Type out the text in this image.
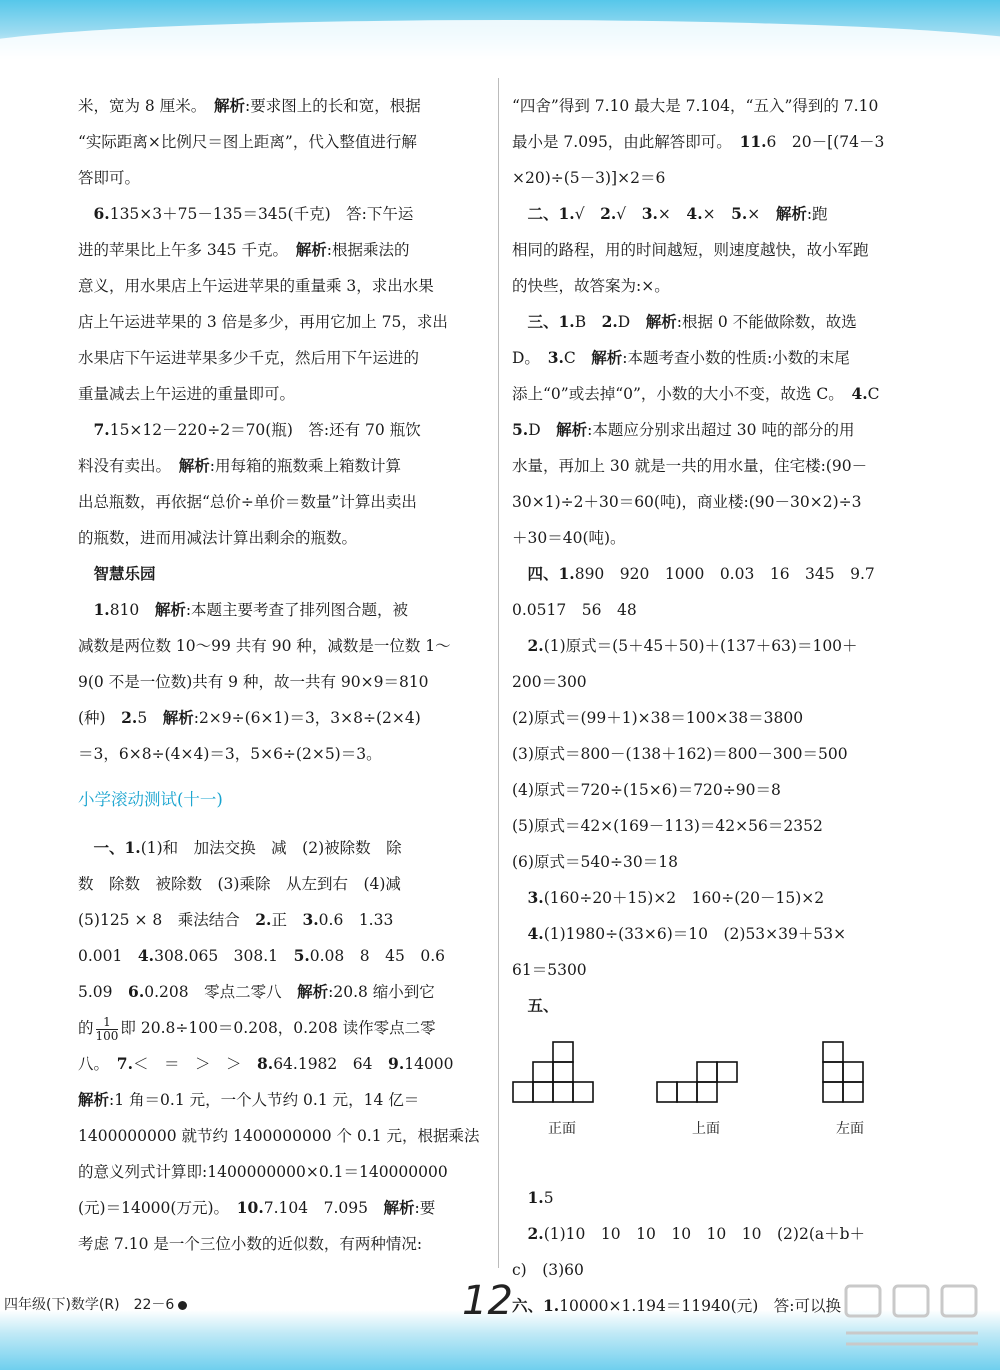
米，宽为 8 厘米。　 解析:要求图上的长和宽，根据

“实际距离×比例尺＝图上距离”，代入整值进行解

答即可。

　6.135×3＋75－135＝345(千克)　答:下午运

进的苹果比上午多 345 千克。　 解析:根据乘法的

意义，用水果店上午运进苹果的重量乘 3，求出水果

店上午运进苹果的 3 倍是多少，再用它加上 75，求出

水果店下午运进苹果多少千克，然后用下午运进的

重量减去上午运进的重量即可。

　7.15×12－220÷2＝70(瓶)　答:还有 70 瓶饮

料没有卖出。　 解析:用每箱的瓶数乘上箱数计算

出总瓶数，再依据“总价÷单价＝数量”计算出卖出

的瓶数，进而用减法计算出剩余的瓶数。

　智慧乐园

　1.810　 解析:本题主要考查了排列图合题，被

减数是两位数 10～99 共有 90 种，减数是一位数 1～

9(0 不是一位数)共有 9 种，故一共有 90×9＝810

(种)　 2.5　 解析:2×9÷(6×1)＝3，3×8÷(2×4)

＝3，6×8÷(4×4)＝3，5×6÷(2×5)＝3。

小学滚动测试(十一)

　一、1.(1)和　加法交换　减　(2)被除数　除

数　除数　被除数　(3)乘除　从左到右　(4)减

(5)125 × 8　乘法结合　 2.正　 3.0.6　1.33

0.001　 4.308.065　308.1　 5.0.08　8　45　0.6

5.09　 6.0.208　零点二零八　 解析:20.8 缩小到它

的 $\frac{1}{100}$ 即 20.8÷100＝0.208，0.208 读作零点二零

八。　 7.＜　＝　＞　＞　 8.64.1982　64　 9.14000

解析:1 角＝0.1 元，一个人节约 0.1 元，14 亿＝

1400000000 就节约 1400000000 个 0.1 元，根据乘法

的意义列式计算即:1400000000×0.1＝140000000

(元)＝14000(万元)。　 10.7.104　7.095　 解析:要

考虑 7.10 是一个三位小数的近似数，有两种情况:

“四舍”得到 7.10 最大是 7.104，“五入”得到的 7.10

最小是 7.095，由此解答即可。　 11.6　20－[(74－3

×20)÷(5－3)]×2＝6

　二、1.√　 2.√　 3.×　 4.×　 5.×　 解析:跑

相同的路程，用的时间越短，则速度越快，故小军跑

的快些，故答案为:×。

　三、1.B　 2.D　 解析:根据 0 不能做除数，故选

D。　 3.C　 解析:本题考查小数的性质:小数的末尾

添上“0”或去掉“0”，小数的大小不变，故选 C。　 4.C

5.D　 解析:本题应分别求出超过 30 吨的部分的用

水量，再加上 30 就是一共的用水量，住宅楼:(90－

30×1)÷2＋30＝60(吨)，商业楼:(90－30×2)÷3

＋30＝40(吨)。

　四、1.890　920　1000　0.03　16　345　9.7

0.0517　56　48

　2.(1)原式＝(5＋45＋50)＋(137＋63)＝100＋

200＝300

(2)原式＝(99＋1)×38＝100×38＝3800

(3)原式＝800－(138＋162)＝800－300＝500

(4)原式＝720÷(15×6)＝720÷90＝8

(5)原式＝42×(169－113)＝42×56＝2352

(6)原式＝540÷30＝18

　3.(160÷20＋15)×2　160÷(20－15)×2

　4.(1)1980÷(33×6)＝10　(2)53×39＋53×

61＝5300

　五、

正面	上面	左面

　1.5

　2.(1)10　10　10　10　10　10　(2)2(a＋b＋

c)　(3)60

六、1.10000×1.194＝11940(元)　答:可以换

四年级(下)数学(R)　22－6	12
